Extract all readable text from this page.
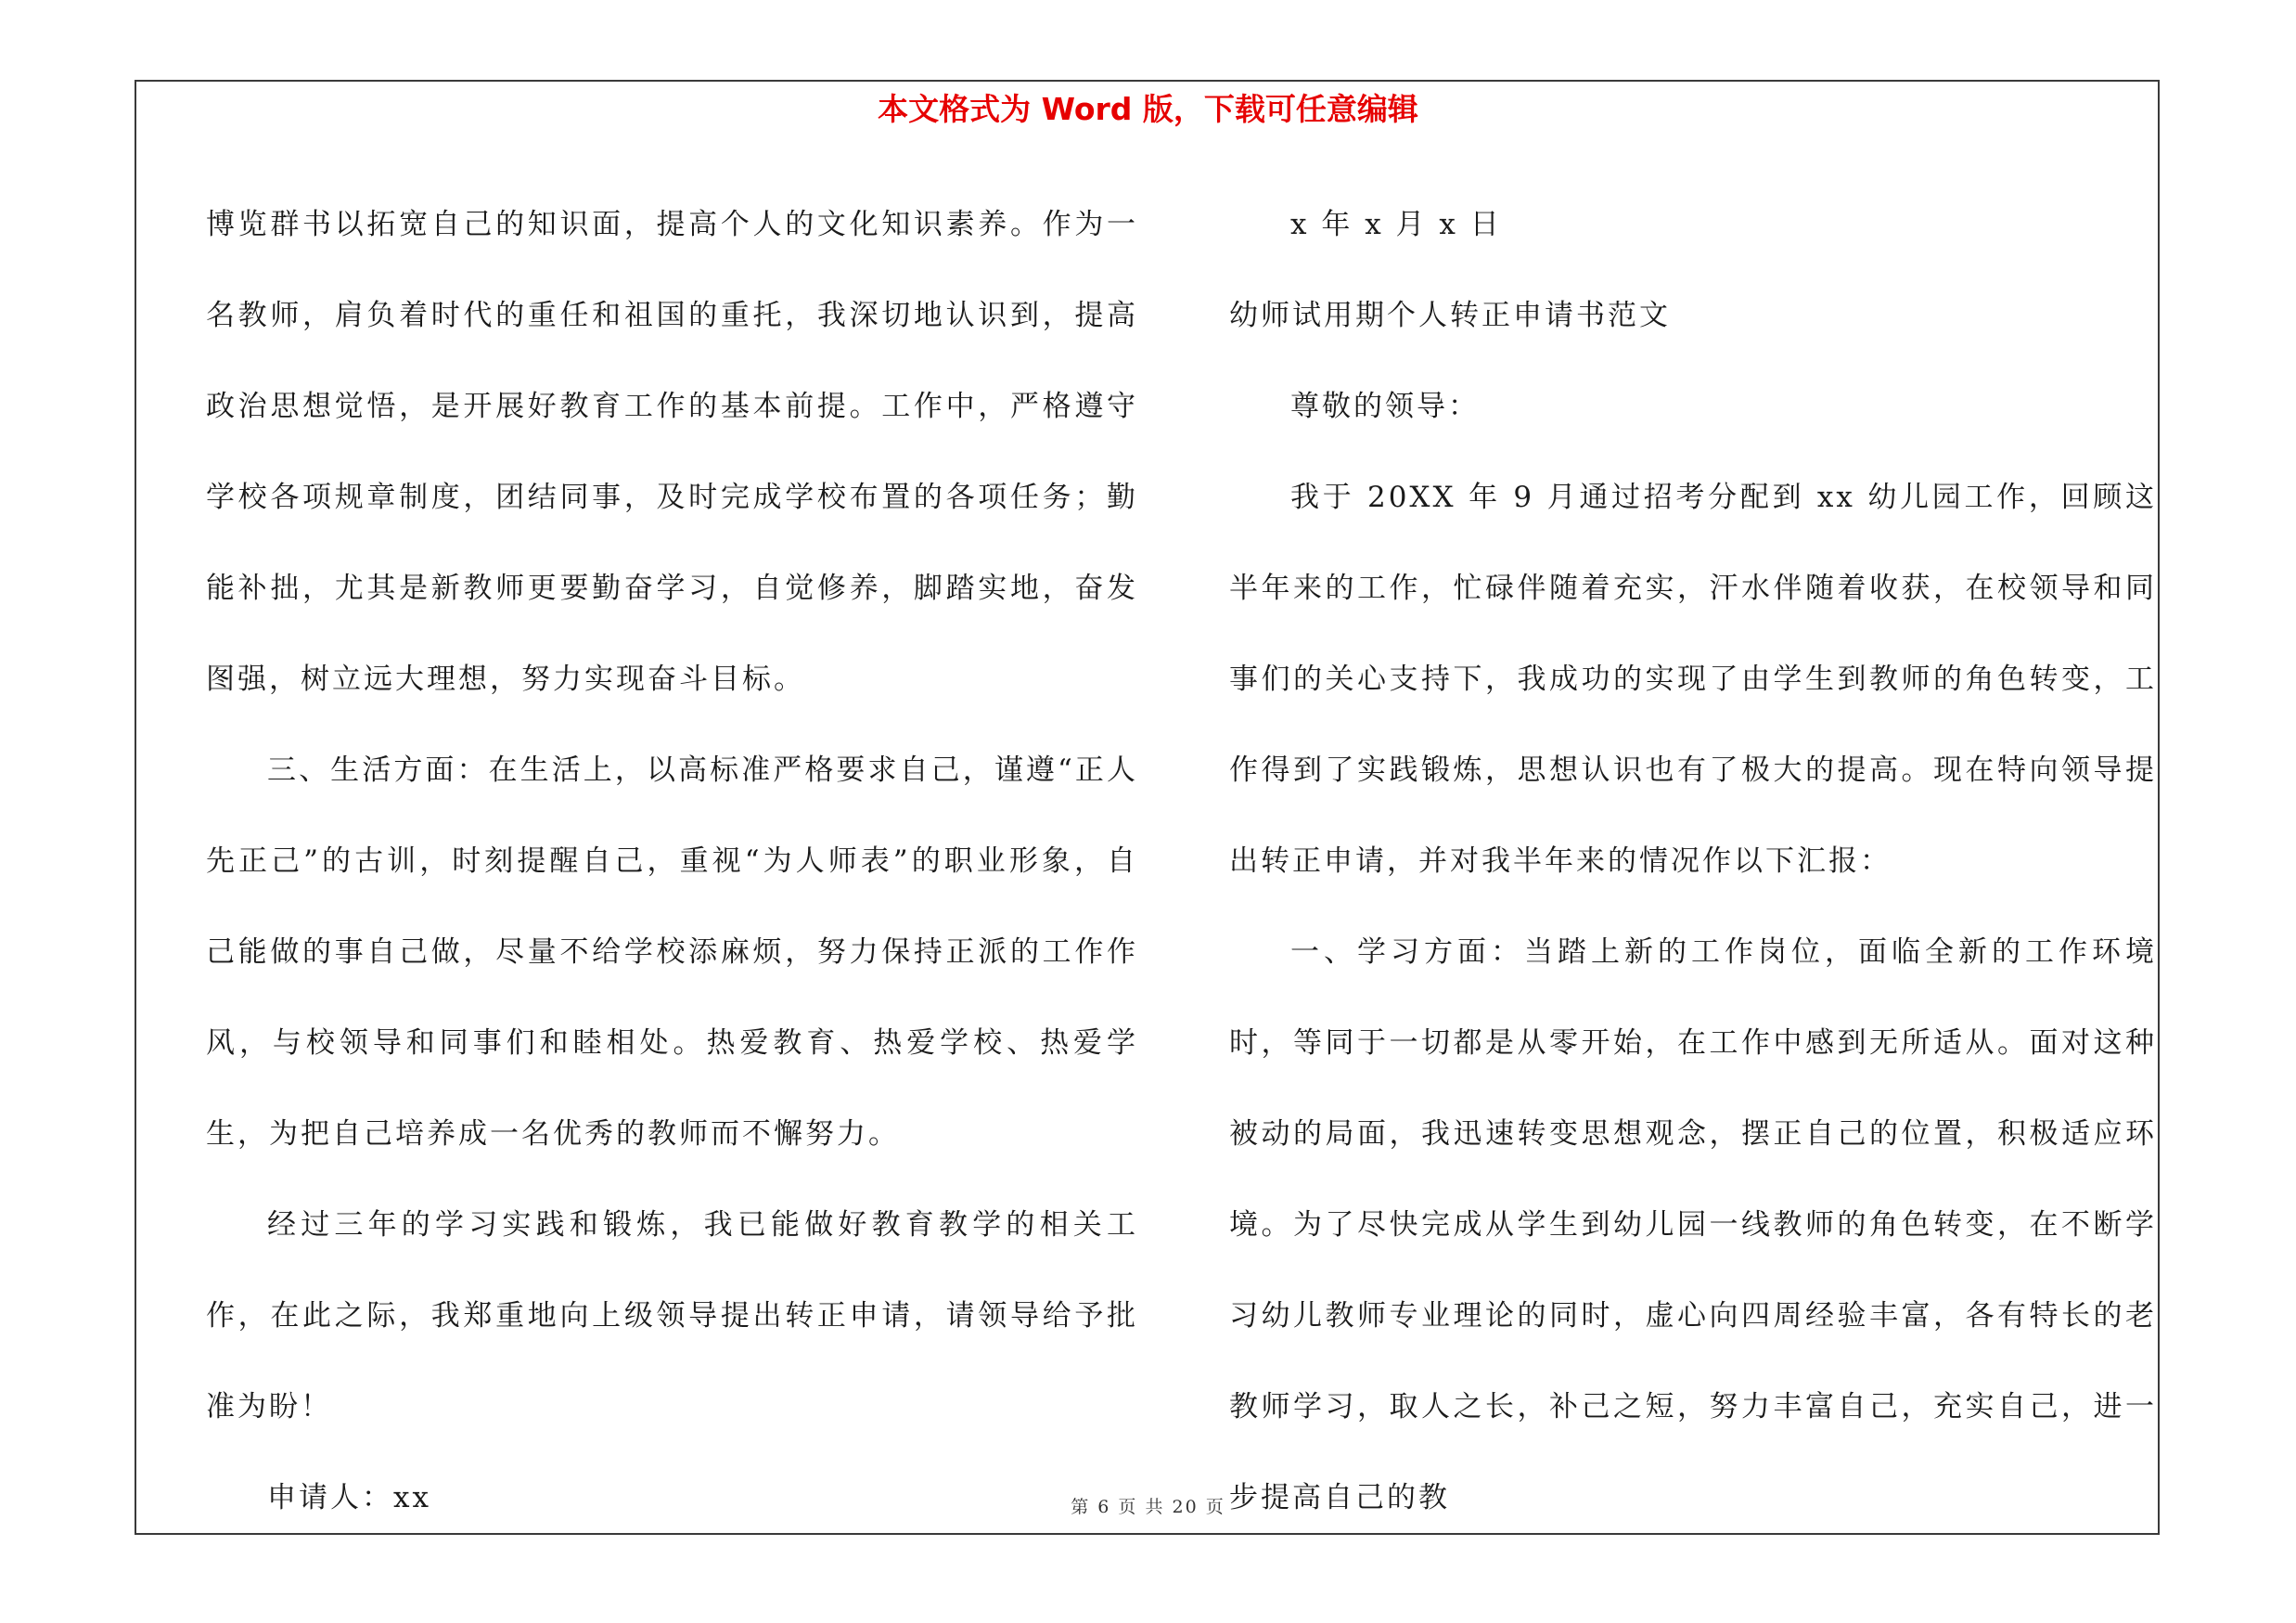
本文格式为 Word 版，下载可任意编辑

博览群书以拓宽自己的知识面，提高个人的文化知识素养。作为一名教师，肩负着时代的重任和祖国的重托，我深切地认识到，提高政治思想觉悟，是开展好教育工作的基本前提。工作中，严格遵守学校各项规章制度，团结同事，及时完成学校布置的各项任务；勤能补拙，尤其是新教师更要勤奋学习，自觉修养，脚踏实地，奋发图强，树立远大理想，努力实现奋斗目标。

三、生活方面：在生活上，以高标准严格要求自己，谨遵“正人先正己”的古训，时刻提醒自己，重视“为人师表”的职业形象，自己能做的事自己做，尽量不给学校添麻烦，努力保持正派的工作作风，与校领导和同事们和睦相处。热爱教育、热爱学校、热爱学生，为把自己培养成一名优秀的教师而不懈努力。

经过三年的学习实践和锻炼，我已能做好教育教学的相关工作，在此之际，我郑重地向上级领导提出转正申请，请领导给予批准为盼！

申请人：xx

x 年 x 月 x 日

幼师试用期个人转正申请书范文

尊敬的领导：

我于 20XX 年 9 月通过招考分配到 xx 幼儿园工作，回顾这半年来的工作，忙碌伴随着充实，汗水伴随着收获，在校领导和同事们的关心支持下，我成功的实现了由学生到教师的角色转变，工作得到了实践锻炼，思想认识也有了极大的提高。现在特向领导提出转正申请，并对我半年来的情况作以下汇报：

一、学习方面：当踏上新的工作岗位，面临全新的工作环境时，等同于一切都是从零开始，在工作中感到无所适从。面对这种被动的局面，我迅速转变思想观念，摆正自己的位置，积极适应环境。为了尽快完成从学生到幼儿园一线教师的角色转变，在不断学习幼儿教师专业理论的同时，虚心向四周经验丰富，各有特长的老教师学习，取人之长，补己之短，努力丰富自己，充实自己，进一步提高自己的教

第 6 页 共 20 页
